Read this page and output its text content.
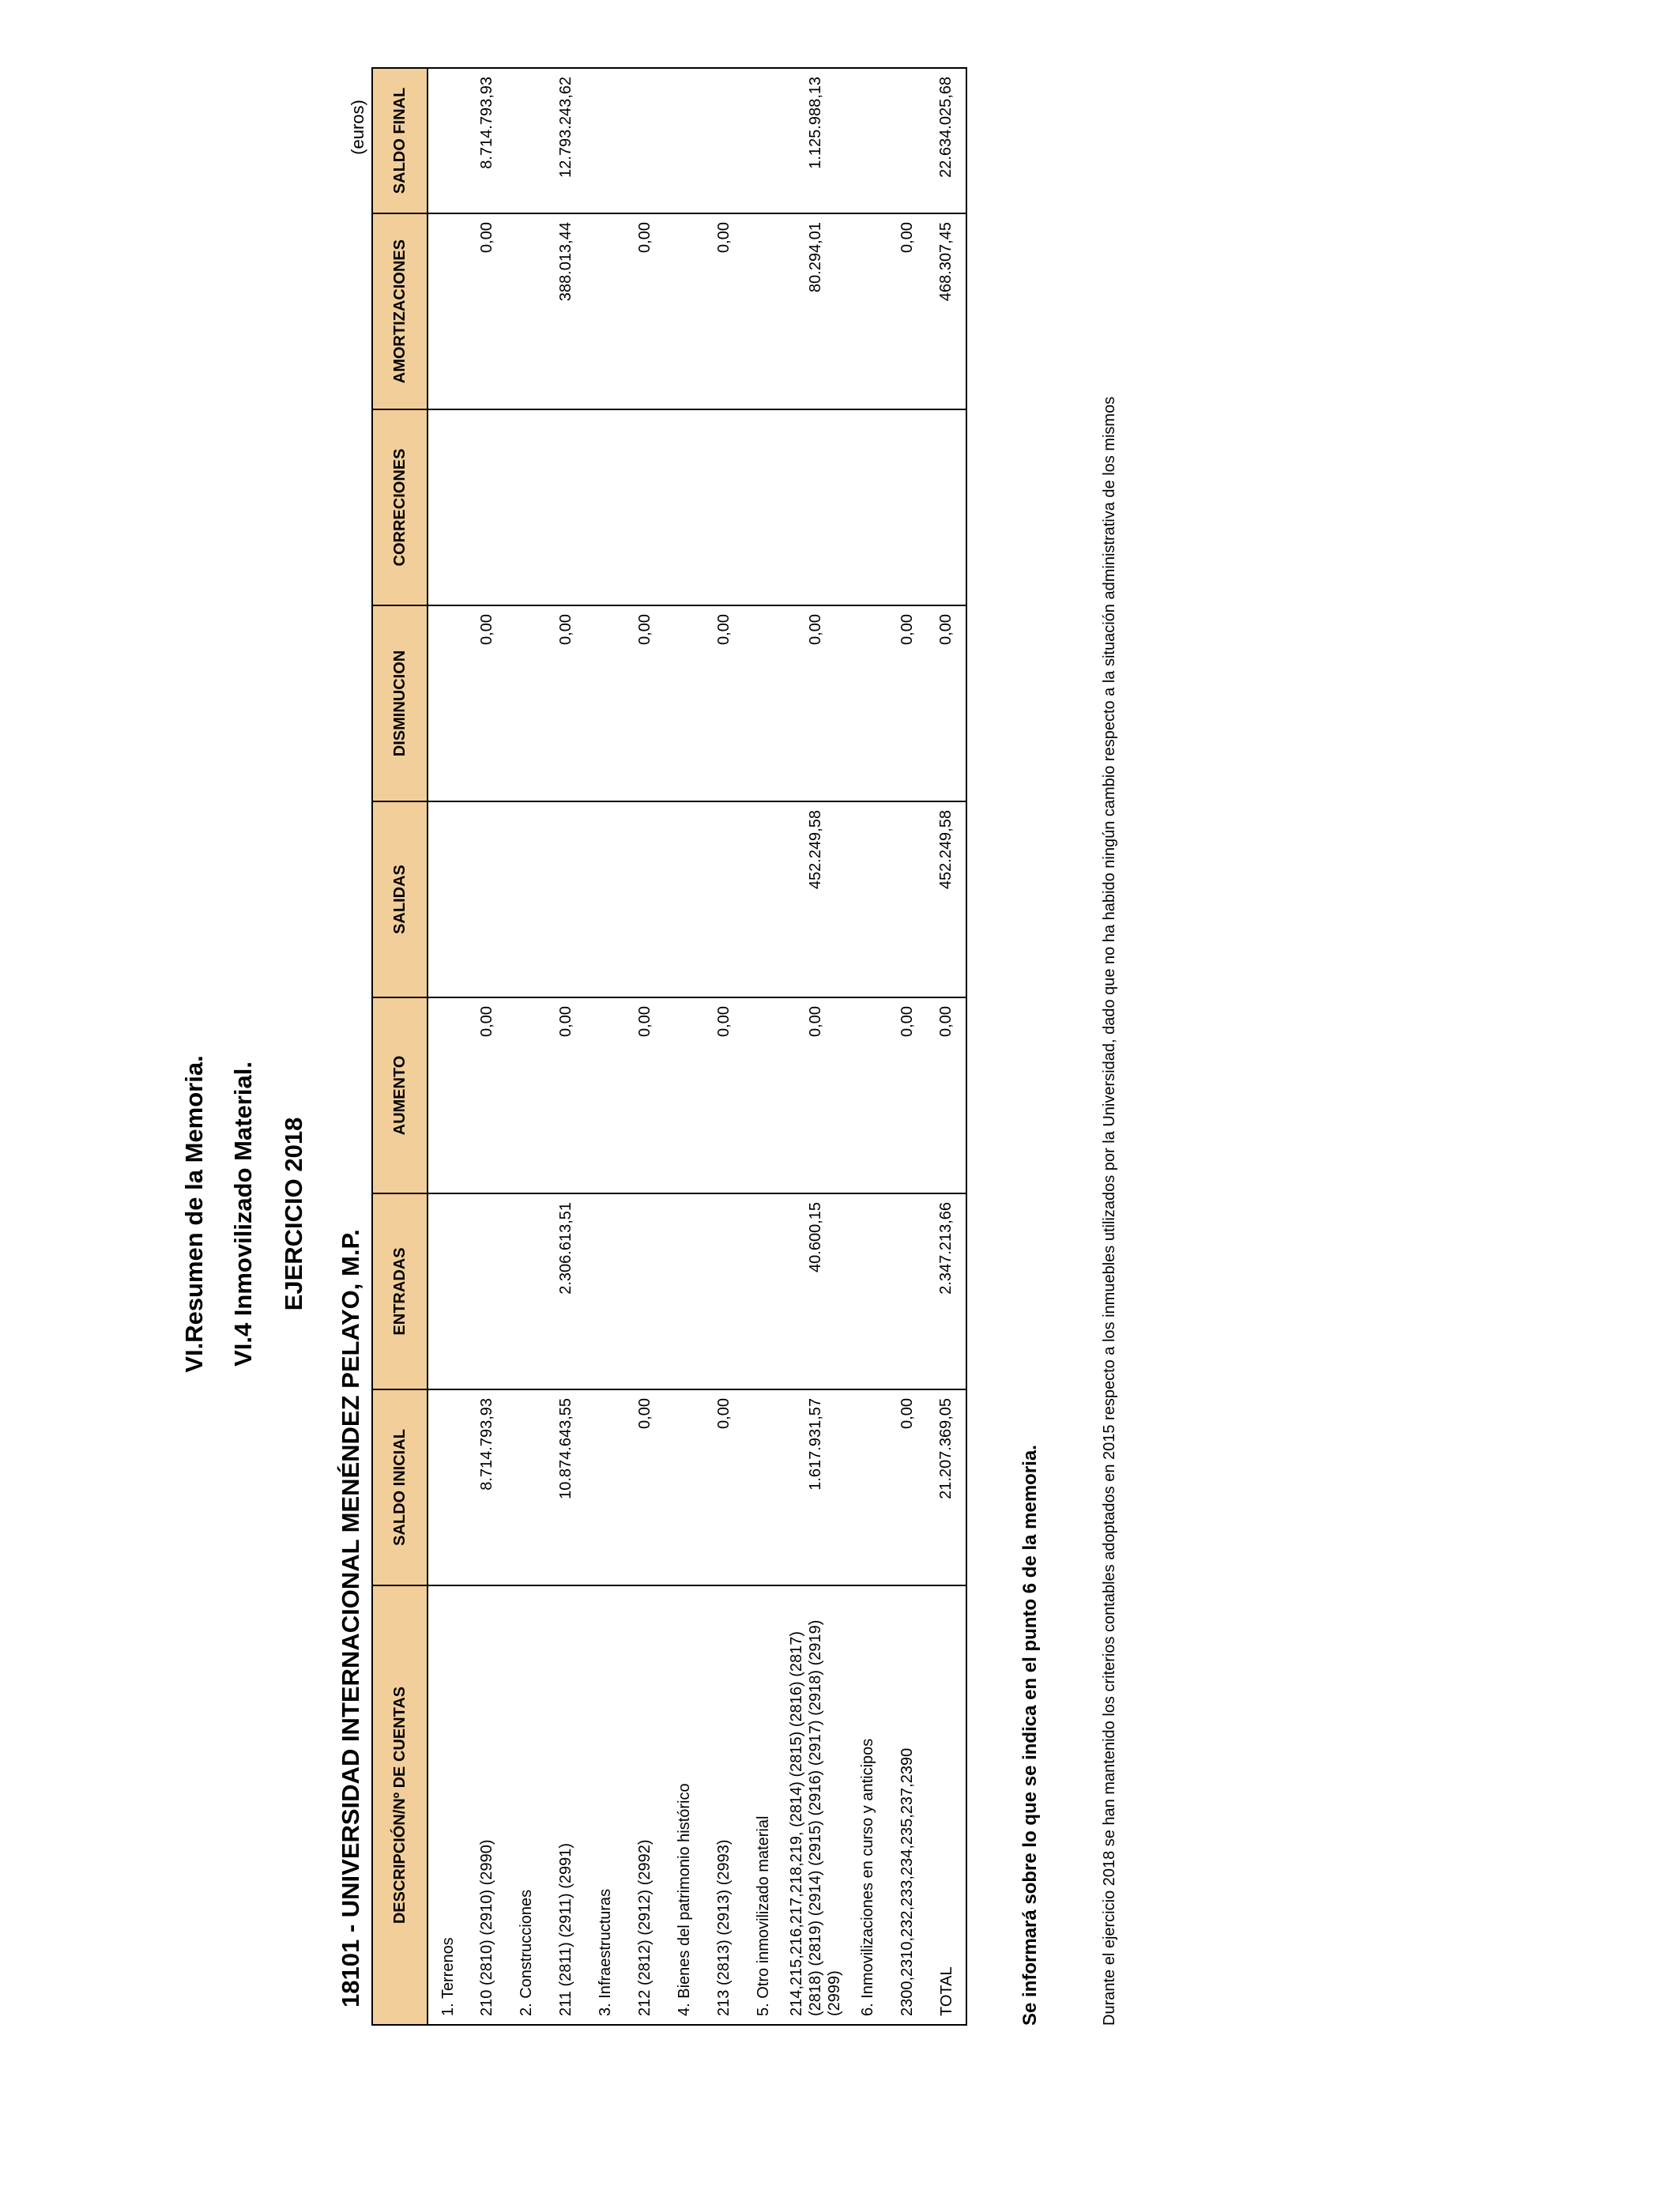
VI.Resumen de la Memoria. VI.4 Inmovilizado Material. EJERCICIO 2018
18101 - UNIVERSIDAD INTERNACIONAL MENÉNDEZ PELAYO, M.P.
(euros)
DESCRIPCIÓN/Nº DE CUENTAS	SALDO INICIAL	ENTRADAS	AUMENTO	SALIDAS	DISMINUCION	CORRECIONES	AMORTIZACIONES	SALDO FINAL
1. Terrenos								
210 (2810) (2910) (2990)	8.714.793,93		0,00		0,00		0,00	8.714.793,93
2. Construcciones								
211 (2811) (2911) (2991)	10.874.643,55	2.306.613,51	0,00		0,00		388.013,44	12.793.243,62
3. Infraestructuras								
212 (2812) (2912) (2992)	0,00		0,00		0,00		0,00	
4. Bienes del patrimonio histórico								
213 (2813) (2913) (2993)	0,00		0,00		0,00		0,00	
5. Otro inmovilizado material								
214,215,216,217,218,219, (2814) (2815) (2816) (2817) (2818) (2819) (2914) (2915) (2916) (2917) (2918) (2919) (2999)	1.617.931,57	40.600,15	0,00	452.249,58	0,00		80.294,01	1.125.988,13
6. Inmovilizaciones en curso y anticipos								
2300,2310,232,233,234,235,237,2390	0,00		0,00		0,00		0,00	
TOTAL	21.207.369,05	2.347.213,66	0,00	452.249,58	0,00		468.307,45	22.634.025,68
Se informará sobre lo que se indica en el punto 6 de la memoria.	Durante el ejercicio 2018 se han mantenido los criterios contables adoptados en 2015 respecto a los inmuebles utilizados por la Universidad, dado que no ha habido ningún cambio respecto a la situación administrativa de los mismos
